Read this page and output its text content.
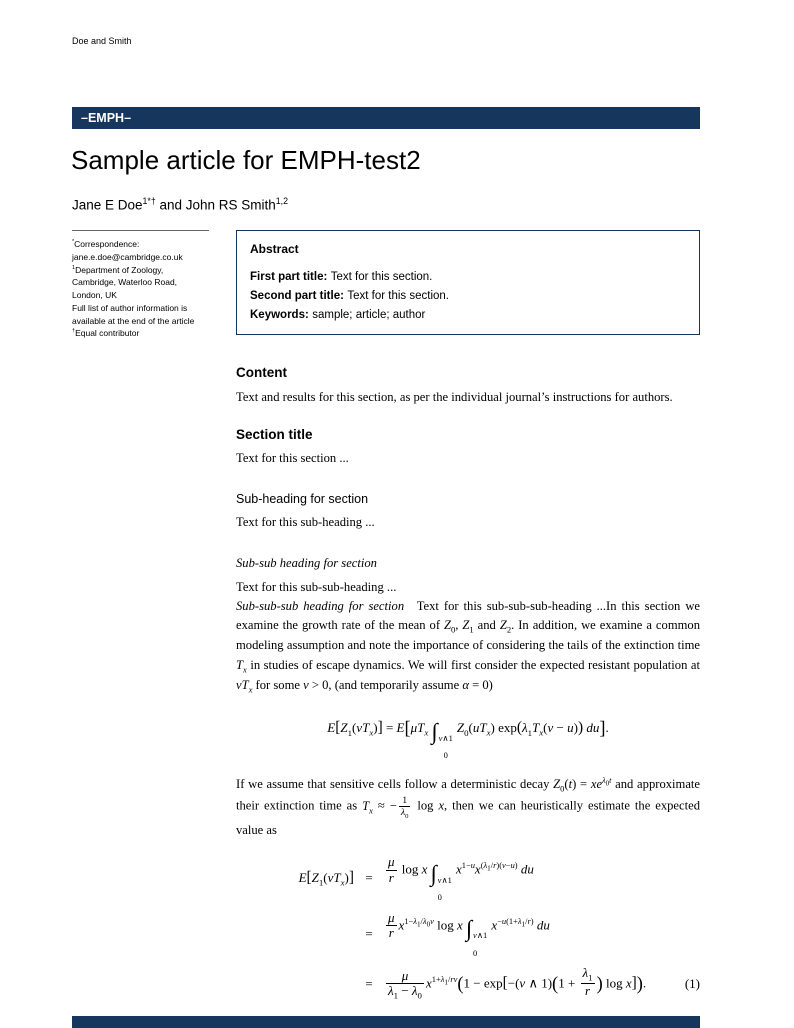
Doe and Smith
–EMPH–
Sample article for EMPH-test2
Jane E Doe$^{1*\dagger}$ and John RS Smith$^{1,2}$
*Correspondence:
jane.e.doe@cambridge.co.uk
$^1$Department of Zoology, Cambridge, Waterloo Road, London, UK
Full list of author information is available at the end of the article
†Equal contributor
Abstract
First part title: Text for this section.
Second part title: Text for this section.
Keywords: sample; article; author
Content

Text and results for this section, as per the individual journal’s instructions for authors.

Section title

Text for this section ...

Sub-heading for section

Text for this sub-heading ...

Sub-sub heading for section

Text for this sub-sub-heading ...

Sub-sub-sub heading for section  Text for this sub-sub-sub-heading ...In this section we examine the growth rate of the mean of $Z_0$, $Z_1$ and $Z_2$. In addition, we examine a common modeling assumption and note the importance of considering the tails of the extinction time $T_x$ in studies of escape dynamics. We will first consider the expected resistant population at $vT_x$ for some v > 0, (and temporarily assume α = 0)

$E[Z_1(vT_x)] = E[\mu T_x$ ∫ v∧1
0
$Z_0(uT_x) \exp(\lambda_1T_x(v - u))$ du].

If we assume that sensitive cells follow a deterministic decay $Z_0(t) = xe^{\lambda_0t}$ and approximate their extinction time as $T_x$ ≈ − $\frac{1}{\lambda_0}$ log x, then we can heuristically estimate the expected value as

$E[Z_1(vT_x)]$ =	$\frac{\mu}{r}$ log x ∫ v∧1
0
$x^{1-u}x^{(\lambda_1/r)(v-u)}$ du
=	$\frac{\mu}{r} x^{1-\lambda_1/\lambda_0v}$ log x ∫ v∧1
0
$x^{-u(1+\lambda_1/r)}$ du
=	$\frac{\mu}{\lambda_1 - \lambda_0} x^{1+\lambda_1/rv}(1 - \exp[-(v$ ∧ $1)(1 + \frac{\lambda_1}{r}$ ) log x]).	(1)
